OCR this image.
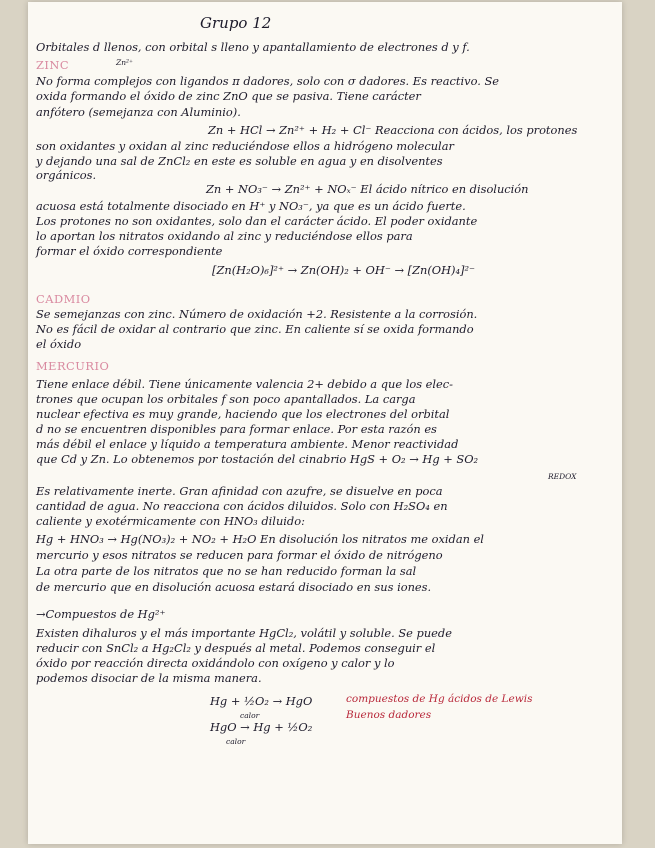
Grupo 12
Orbitales d llenos, con orbital s lleno y apantallamiento de electrones d y f.
ZINC	Zn²⁺
No forma complejos con ligandos π dadores, solo con σ dadores. Es reactivo. Se
oxida formando el óxido de zinc ZnO que se pasiva. Tiene carácter
anfótero (semejanza con Aluminio).
Zn + HCl → Zn²⁺ + H₂ + Cl⁻ Reacciona con ácidos, los protones
son oxidantes y oxidan al zinc reduciéndose ellos a hidrógeno molecular
y dejando una sal de ZnCl₂ en este es soluble en agua y en disolventes
orgánicos.
Zn + NO₃⁻ → Zn²⁺ + NOₓ⁻ El ácido nítrico en disolución
acuosa está totalmente disociado en H⁺ y NO₃⁻, ya que es un ácido fuerte.
Los protones no son oxidantes, solo dan el carácter ácido. El poder oxidante
lo aportan los nitratos oxidando al zinc y reduciéndose ellos para
formar el óxido correspondiente
[Zn(H₂O)₆]²⁺ → Zn(OH)₂ + OH⁻ → [Zn(OH)₄]²⁻
CADMIO
Se semejanzas con zinc. Número de oxidación +2. Resistente a la corrosión.
No es fácil de oxidar al contrario que zinc. En caliente sí se oxida formando
el óxido
MERCURIO
Tiene enlace débil. Tiene únicamente valencia 2+ debido a que los elec-
trones que ocupan los orbitales f son poco apantallados. La carga
nuclear efectiva es muy grande, haciendo que los electrones del orbital
d no se encuentren disponibles para formar enlace. Por esta razón es
más débil el enlace y líquido a temperatura ambiente. Menor reactividad
que Cd y Zn. Lo obtenemos por tostación del cinabrio HgS + O₂ → Hg + SO₂
REDOX
Es relativamente inerte. Gran afinidad con azufre, se disuelve en poca
cantidad de agua. No reacciona con ácidos diluidos. Solo con H₂SO₄ en
caliente y exotérmicamente con HNO₃ diluido:
Hg + HNO₃ → Hg(NO₃)₂ + NO₂ + H₂O En disolución los nitratos me oxidan el
mercurio y esos nitratos se reducen para formar el óxido de nitrógeno
La otra parte de los nitratos que no se han reducido forman la sal
de mercurio que en disolución acuosa estará disociado en sus iones.
→Compuestos de Hg²⁺
Existen dihaluros y el más importante HgCl₂, volátil y soluble. Se puede
reducir con SnCl₂ a Hg₂Cl₂ y después al metal. Podemos conseguir el
óxido por reacción directa oxidándolo con oxígeno y calor y lo
podemos disociar de la misma manera.
Hg + ½O₂ → HgO
calor
HgO → Hg + ½O₂
calor
compuestos de Hg ácidos de Lewis
Buenos dadores
